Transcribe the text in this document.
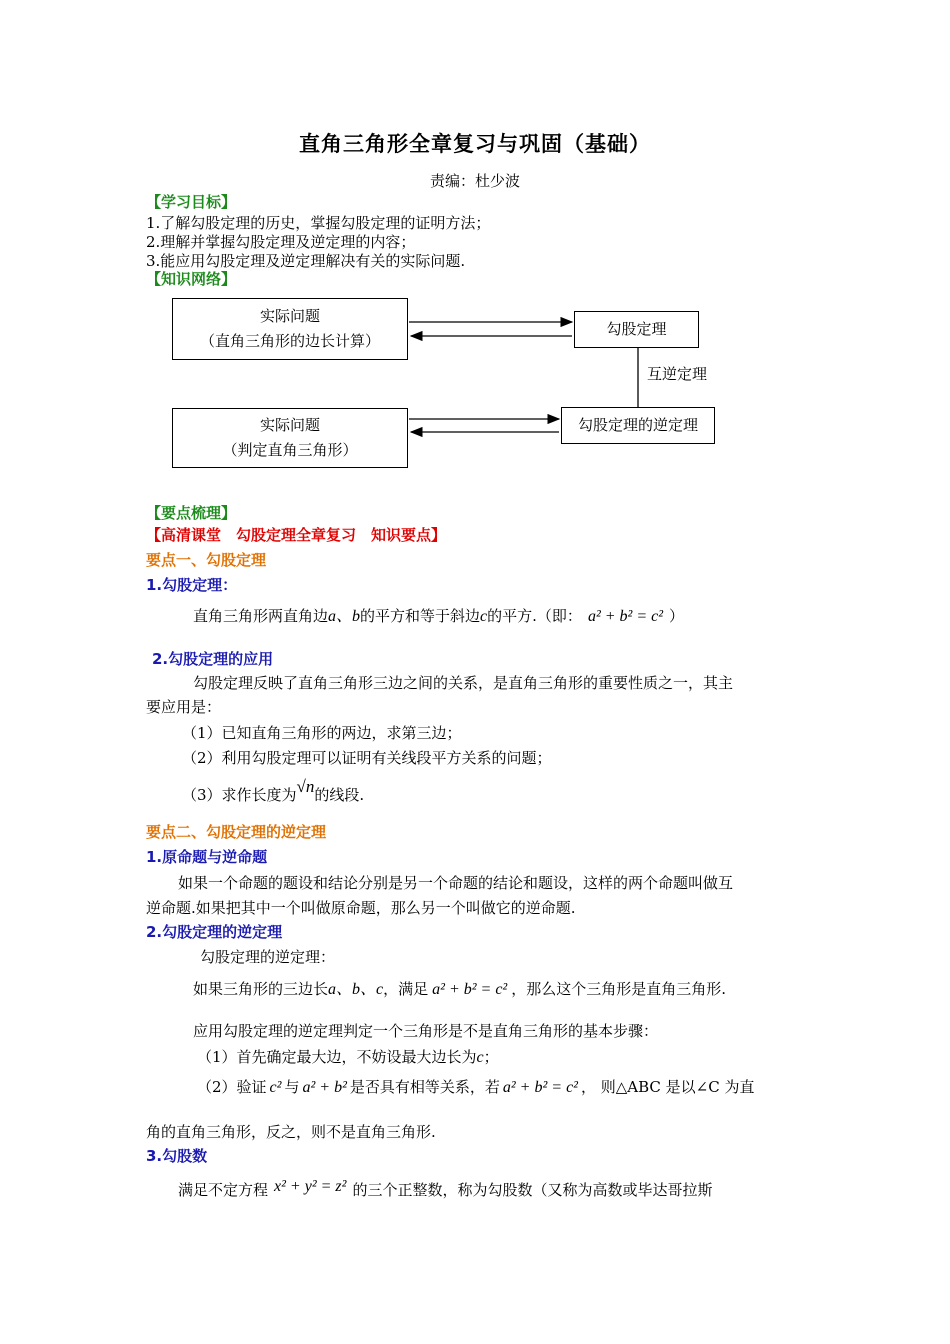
直角三角形全章复习与巩固（基础）
责编：杜少波
【学习目标】
1.了解勾股定理的历史，掌握勾股定理的证明方法；
2.理解并掌握勾股定理及逆定理的内容；
3.能应用勾股定理及逆定理解决有关的实际问题.
【知识网络】
实际问题
（直角三角形的边长计算）
勾股定理
实际问题
（判定直角三角形）
勾股定理的逆定理
互逆定理
【要点梳理】
【高清课堂　勾股定理全章复习　知识要点】
要点一、勾股定理
1.勾股定理：
直角三角形两直角边a、b的平方和等于斜边c的平方.（即： a² + b² = c² ）
2.勾股定理的应用
勾股定理反映了直角三角形三边之间的关系，是直角三角形的重要性质之一，其主
要应用是：
（1）已知直角三角形的两边，求第三边；
（2）利用勾股定理可以证明有关线段平方关系的问题；
（3）求作长度为√n的线段.
要点二、勾股定理的逆定理
1.原命题与逆命题
如果一个命题的题设和结论分别是另一个命题的结论和题设，这样的两个命题叫做互
逆命题.如果把其中一个叫做原命题，那么另一个叫做它的逆命题.
2.勾股定理的逆定理
勾股定理的逆定理：
如果三角形的三边长a、b、c，满足 a² + b² = c² ，那么这个三角形是直角三角形.
应用勾股定理的逆定理判定一个三角形是不是直角三角形的基本步骤：
（1）首先确定最大边，不妨设最大边长为c；
（2）验证 c² 与 a² + b² 是否具有相等关系，若 a² + b² = c² ， 则△ABC 是以∠C 为直
角的直角三角形，反之，则不是直角三角形.
3.勾股数
满足不定方程 x² + y² = z² 的三个正整数，称为勾股数（又称为高数或毕达哥拉斯
